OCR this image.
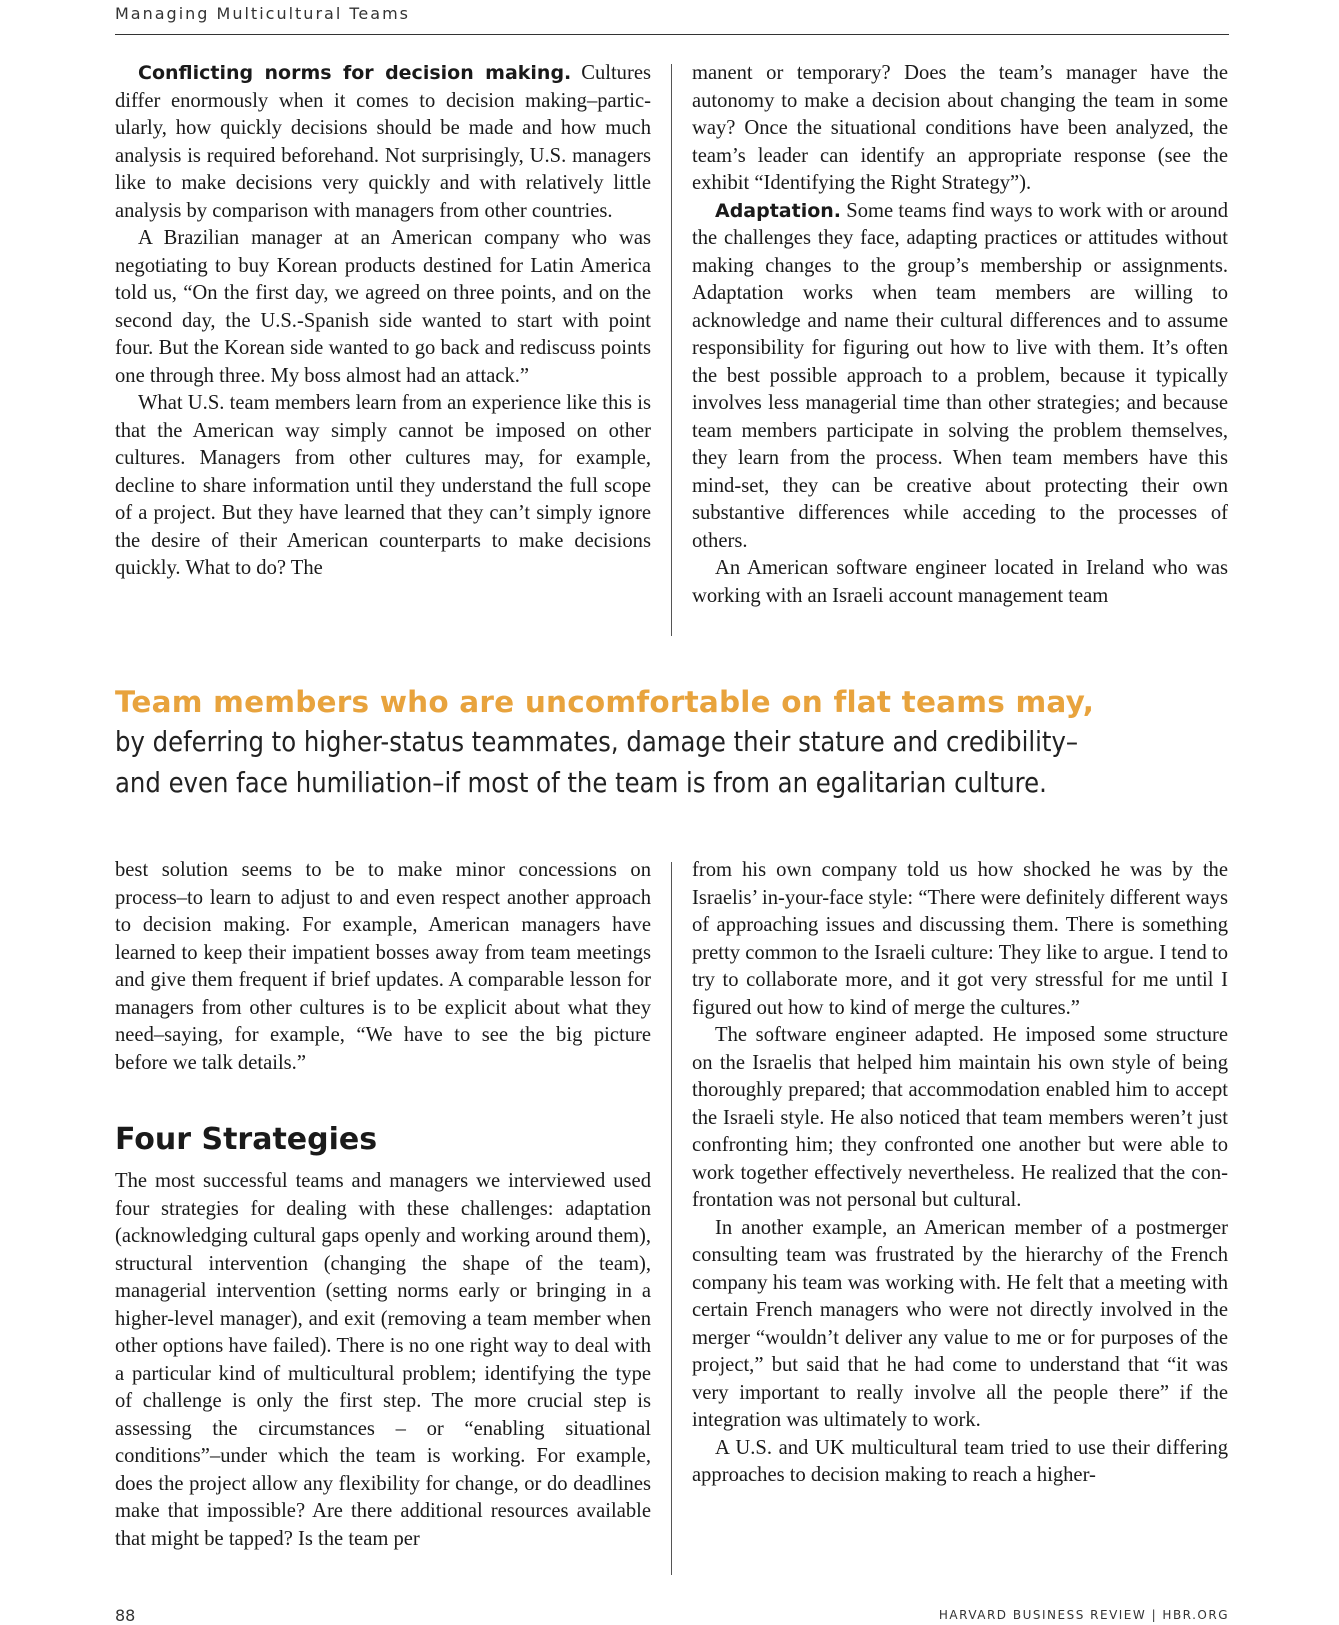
Managing Multicultural Teams

Conflicting norms for decision making. Cultures differ enormously when it comes to decision making–particularly, how quickly decisions should be made and how much analysis is required beforehand. Not surprisingly, U.S. managers like to make decisions very quickly and with relatively little analysis by comparison with managers from other countries.

A Brazilian manager at an American company who was negotiating to buy Korean products destined for Latin America told us, “On the first day, we agreed on three points, and on the second day, the U.S.-Spanish side wanted to start with point four. But the Korean side wanted to go back and rediscuss points one through three. My boss almost had an attack.”

What U.S. team members learn from an experience like this is that the American way simply cannot be imposed on other cultures. Managers from other cultures may, for example, decline to share information until they understand the full scope of a project. But they have learned that they can’t simply ignore the desire of their American counterparts to make decisions quickly. What to do? The

manent or temporary? Does the team’s manager have the autonomy to make a decision about changing the team in some way? Once the situational conditions have been analyzed, the team’s leader can identify an appropriate response (see the exhibit “Identifying the Right Strategy”).

Adaptation. Some teams find ways to work with or around the challenges they face, adapting practices or attitudes without making changes to the group’s membership or assignments. Adaptation works when team members are willing to acknowledge and name their cultural differences and to assume responsibility for figuring out how to live with them. It’s often the best possible approach to a problem, because it typically involves less managerial time than other strategies; and because team members participate in solving the problem themselves, they learn from the process. When team members have this mind-set, they can be creative about protecting their own substantive differences while acceding to the processes of others.

An American software engineer located in Ireland who was working with an Israeli account management team

Team members who are uncomfortable on flat teams may,
by deferring to higher-status teammates, damage their stature and credibility–
and even face humiliation–if most of the team is from an egalitarian culture.

best solution seems to be to make minor concessions on process–to learn to adjust to and even respect another approach to decision making. For example, American managers have learned to keep their impatient bosses away from team meetings and give them frequent if brief updates. A comparable lesson for managers from other cultures is to be explicit about what they need–saying, for example, “We have to see the big picture before we talk details.”

Four Strategies

The most successful teams and managers we interviewed used four strategies for dealing with these challenges: adaptation (acknowledging cultural gaps openly and working around them), structural intervention (changing the shape of the team), managerial intervention (setting norms early or bringing in a higher-level manager), and exit (removing a team member when other options have failed). There is no one right way to deal with a particular kind of multicultural problem; identifying the type of challenge is only the first step. The more crucial step is assessing the circumstances – or “enabling situational conditions”–under which the team is working. For example, does the project allow any flexibility for change, or do deadlines make that impossible? Are there additional resources available that might be tapped? Is the team per

from his own company told us how shocked he was by the Israelis’ in-your-face style: “There were definitely different ways of approaching issues and discussing them. There is something pretty common to the Israeli culture: They like to argue. I tend to try to collaborate more, and it got very stressful for me until I figured out how to kind of merge the cultures.”

The software engineer adapted. He imposed some structure on the Israelis that helped him maintain his own style of being thoroughly prepared; that accommodation enabled him to accept the Israeli style. He also noticed that team members weren’t just confronting him; they confronted one another but were able to work together effectively nevertheless. He realized that the confrontation was not personal but cultural.

In another example, an American member of a postmerger consulting team was frustrated by the hierarchy of the French company his team was working with. He felt that a meeting with certain French managers who were not directly involved in the merger “wouldn’t deliver any value to me or for purposes of the project,” but said that he had come to understand that “it was very important to really involve all the people there” if the integration was ultimately to work.

A U.S. and UK multicultural team tried to use their differing approaches to decision making to reach a higher-

88	HARVARD BUSINESS REVIEW | HBR.ORG
